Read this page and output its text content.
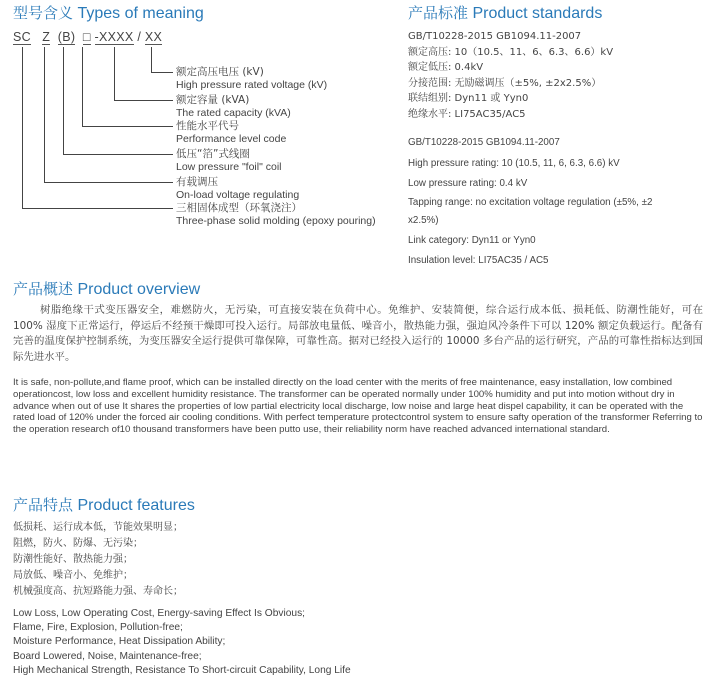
型号含义 Types of meaning
SC Z (B) □ -XXXX / XX
额定高压电压 (kV)
High pressure rated voltage (kV)
额定容量 (kVA)
The rated capacity (kVA)
性能水平代号
Performance level code
低压“箔”式线圈
Low pressure "foil" coil
有载调压
On-load voltage regulating
三相固体成型（环氧浇注）
Three-phase solid molding (epoxy pouring)
产品标准 Product standards
GB/T10228-2015 GB1094.11-2007
额定高压: 10（10.5、11、6、6.3、6.6）kV
额定低压: 0.4kV
分接范围: 无励磁调压（±5%, ±2x2.5%）
联结组别: Dyn11 或 Yyn0
绝缘水平: LI75AC35/AC5
GB/T10228-2015 GB1094.11-2007
High pressure rating: 10 (10.5, 11, 6, 6.3, 6.6) kV
Low pressure rating: 0.4 kV
Tapping range: no excitation voltage regulation (±5%, ±2
x2.5%)
Link category: Dyn11 or Yyn0
Insulation level: LI75AC35 / AC5
产品概述 Product overview
树脂绝缘干式变压器安全，难燃防火，无污染，可直接安装在负荷中心。免维护、安装简便，综合运行成本低、损耗低、防潮性能好，可在 100% 湿度下正常运行，停运后不经预干燥即可投入运行。局部放电量低、噪音小，散热能力强，强迫风冷条件下可以 120% 额定负载运行。配备有完善的温度保护控制系统，为变压器安全运行提供可靠保障，可靠性高。据对已经投入运行的 10000 多台产品的运行研究，产品的可靠性指标达到国际先进水平。
It is safe, non-pollute,and flame proof, which can be installed directly on the load center with the merits of free maintenance, easy installation, low combined operationcost, low loss and excellent humidity resistance. The transformer can be operated normally under 100% humidity and put into motion without dry in advance when out of use It shares the properties of low partial electricity local discharge, low noise and large heat dispel capability, it can be operated with the rated load of 120% under the forced air cooling conditions. With perfect temperature protectcontrol system to ensure safty operation of the transformer Referring to the operation research of10 thousand transformers have been putto use, their reliability norm have reached advanced international standard.
产品特点 Product features
低损耗、运行成本低，节能效果明显；
阻燃，防火、防爆、无污染；
防潮性能好、散热能力强；
局放低、噪音小、免维护；
机械强度高、抗短路能力强、寿命长；
Low Loss, Low Operating Cost, Energy-saving Effect Is Obvious;
Flame, Fire, Explosion, Pollution-free;
Moisture Performance, Heat Dissipation Ability;
Board Lowered, Noise, Maintenance-free;
High Mechanical Strength, Resistance To Short-circuit Capability, Long Life
